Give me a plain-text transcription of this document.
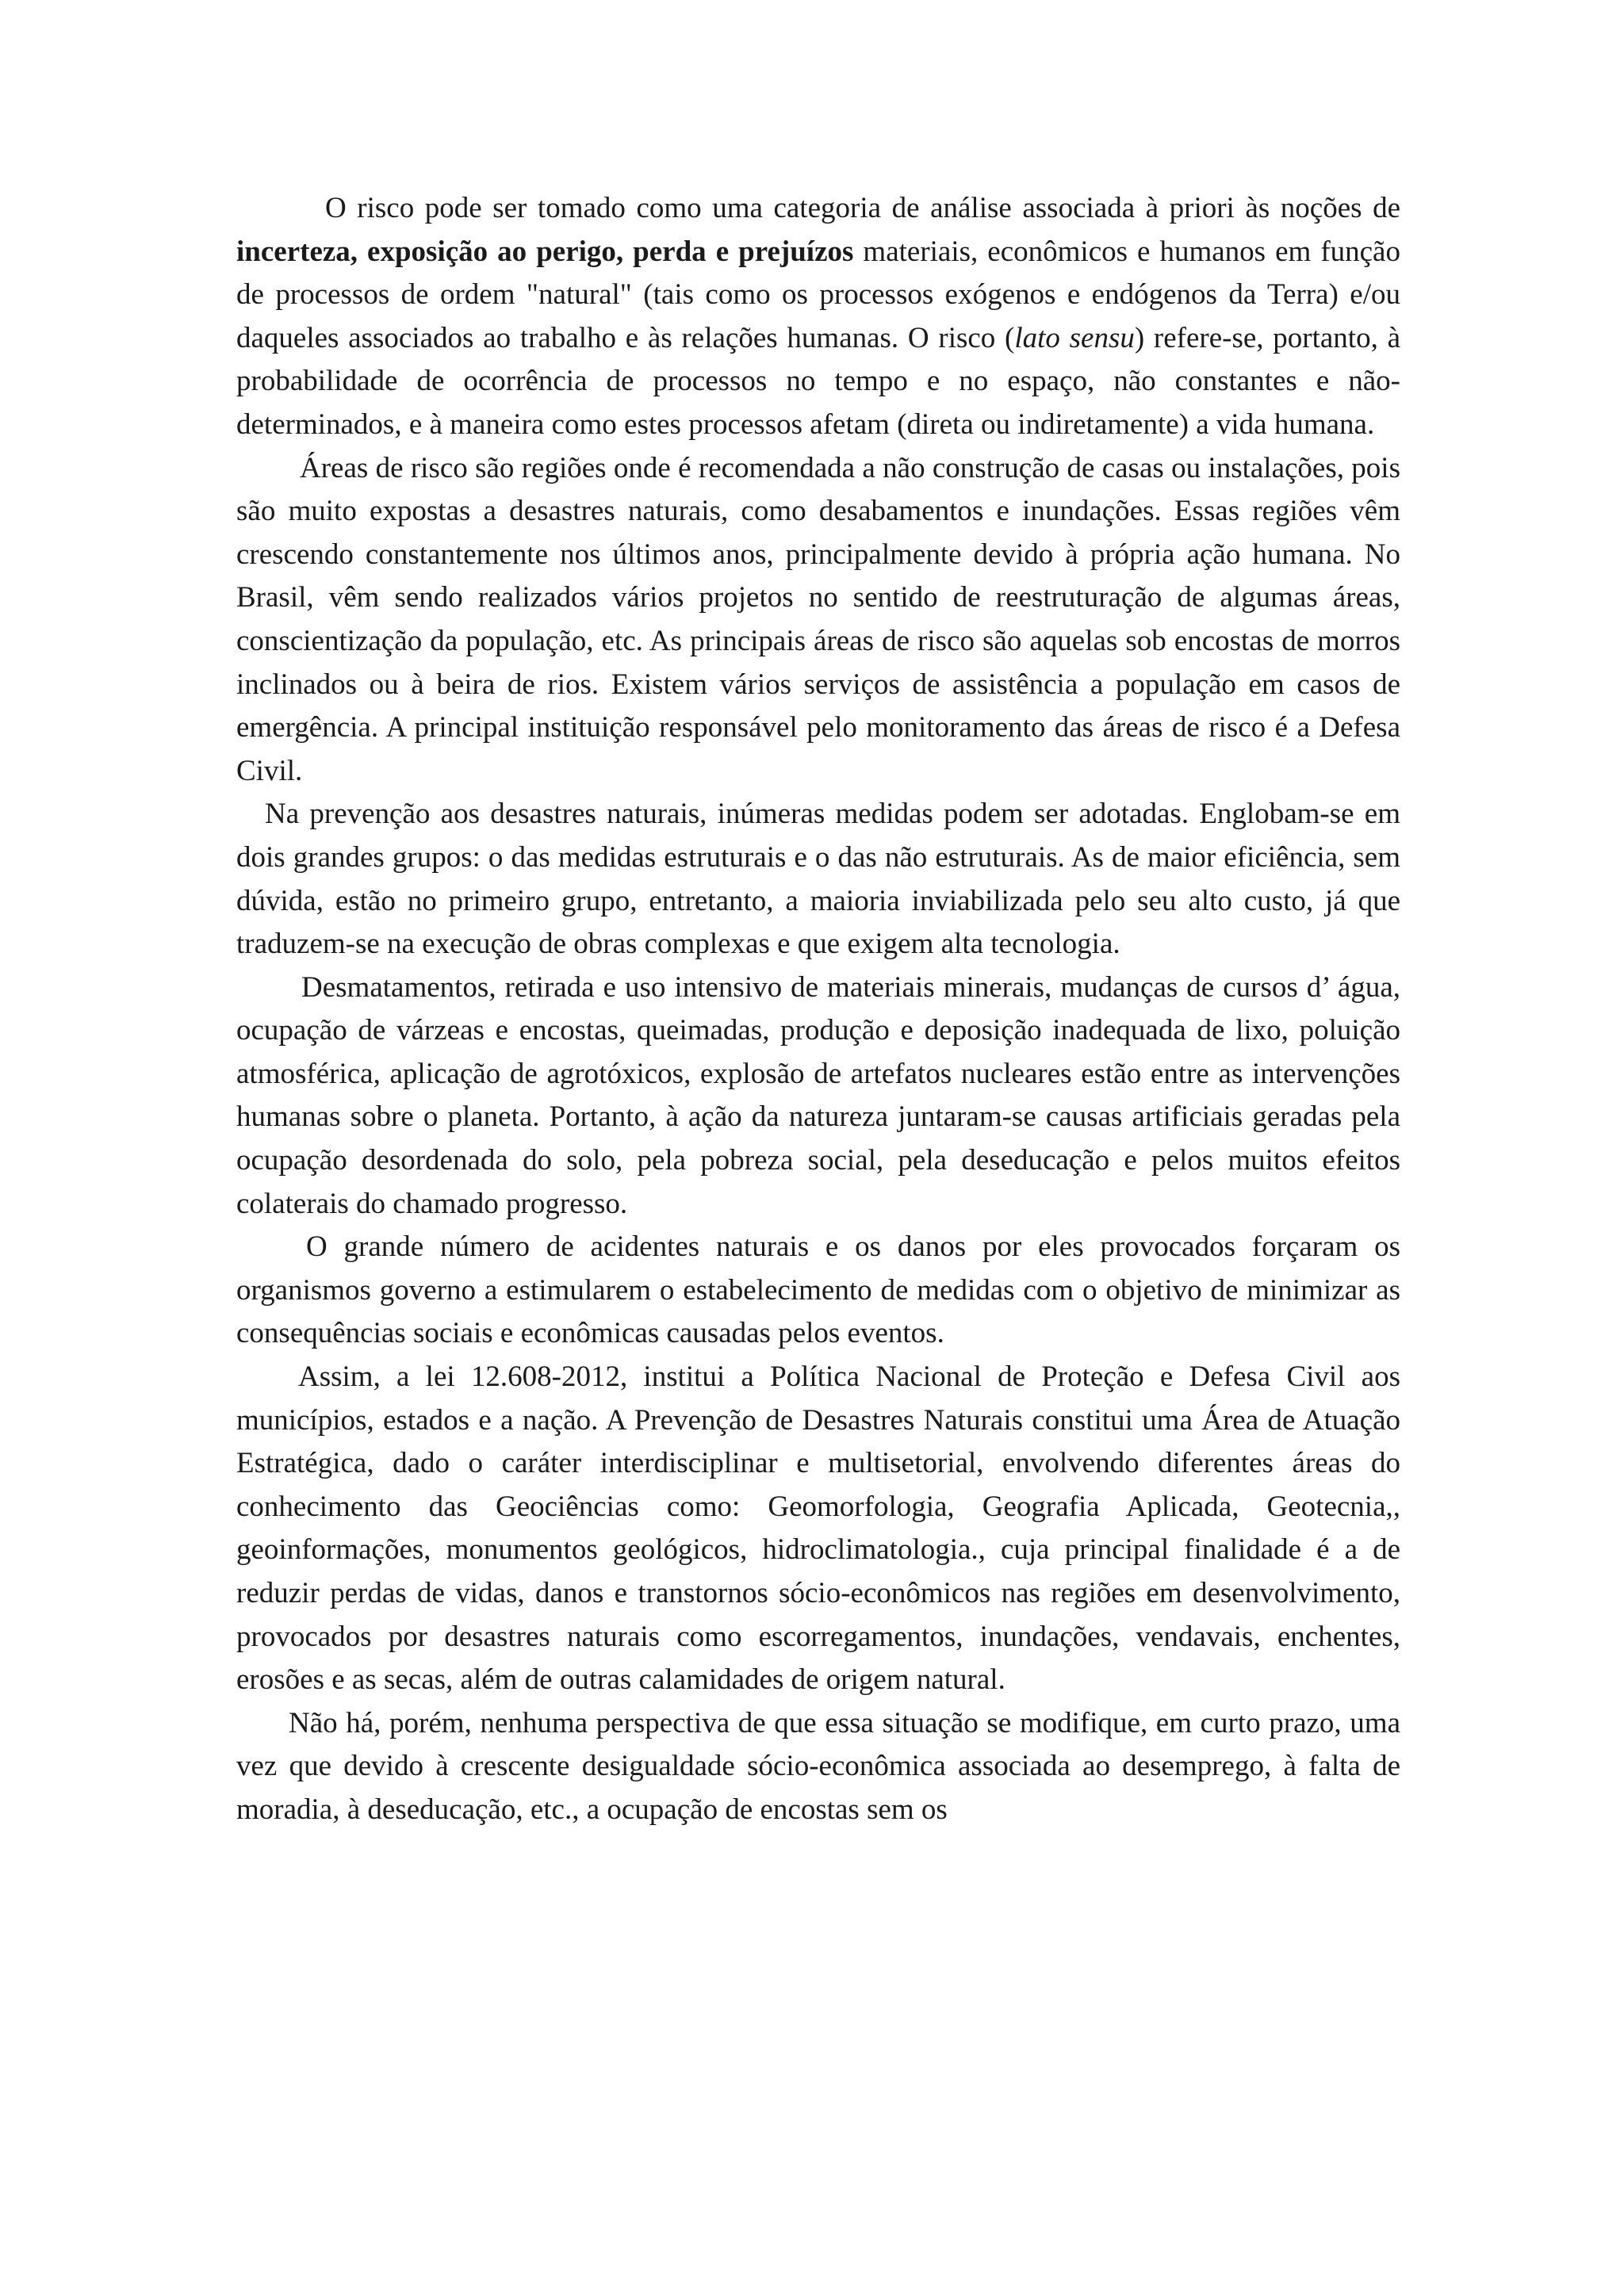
O risco pode ser tomado como uma categoria de análise associada à priori às noções de incerteza, exposição ao perigo, perda e prejuízos materiais, econômicos e humanos em função de processos de ordem "natural" (tais como os processos exógenos e endógenos da Terra) e/ou daqueles associados ao trabalho e às relações humanas. O risco (lato sensu) refere-se, portanto, à probabilidade de ocorrência de processos no tempo e no espaço, não constantes e não-determinados, e à maneira como estes processos afetam (direta ou indiretamente) a vida humana.

Áreas de risco são regiões onde é recomendada a não construção de casas ou instalações, pois são muito expostas a desastres naturais, como desabamentos e inundações. Essas regiões vêm crescendo constantemente nos últimos anos, principalmente devido à própria ação humana. No Brasil, vêm sendo realizados vários projetos no sentido de reestruturação de algumas áreas, conscientização da população, etc. As principais áreas de risco são aquelas sob encostas de morros inclinados ou à beira de rios. Existem vários serviços de assistência a população em casos de emergência. A principal instituição responsável pelo monitoramento das áreas de risco é a Defesa Civil.

Na prevenção aos desastres naturais, inúmeras medidas podem ser adotadas. Englobam-se em dois grandes grupos: o das medidas estruturais e o das não estruturais. As de maior eficiência, sem dúvida, estão no primeiro grupo, entretanto, a maioria inviabilizada pelo seu alto custo, já que traduzem-se na execução de obras complexas e que exigem alta tecnologia.

Desmatamentos, retirada e uso intensivo de materiais minerais, mudanças de cursos d’ água, ocupação de várzeas e encostas, queimadas, produção e deposição inadequada de lixo, poluição atmosférica, aplicação de agrotóxicos, explosão de artefatos nucleares estão entre as intervenções humanas sobre o planeta. Portanto, à ação da natureza juntaram-se causas artificiais geradas pela ocupação desordenada do solo, pela pobreza social, pela deseducação e pelos muitos efeitos colaterais do chamado progresso.

O grande número de acidentes naturais e os danos por eles provocados forçaram os organismos governo a estimularem o estabelecimento de medidas com o objetivo de minimizar as consequências sociais e econômicas causadas pelos eventos.

Assim, a lei 12.608-2012, institui a Política Nacional de Proteção e Defesa Civil aos municípios, estados e a nação. A Prevenção de Desastres Naturais constitui uma Área de Atuação Estratégica, dado o caráter interdisciplinar e multisetorial, envolvendo diferentes áreas do conhecimento das Geociências como: Geomorfologia, Geografia Aplicada, Geotecnia,, geoinformações, monumentos geológicos, hidroclimatologia., cuja principal finalidade é a de reduzir perdas de vidas, danos e transtornos sócio-econômicos nas regiões em desenvolvimento, provocados por desastres naturais como escorregamentos, inundações, vendavais, enchentes, erosões e as secas, além de outras calamidades de origem natural.

Não há, porém, nenhuma perspectiva de que essa situação se modifique, em curto prazo, uma vez que devido à crescente desigualdade sócio-econômica associada ao desemprego, à falta de moradia, à deseducação, etc., a ocupação de encostas sem os
